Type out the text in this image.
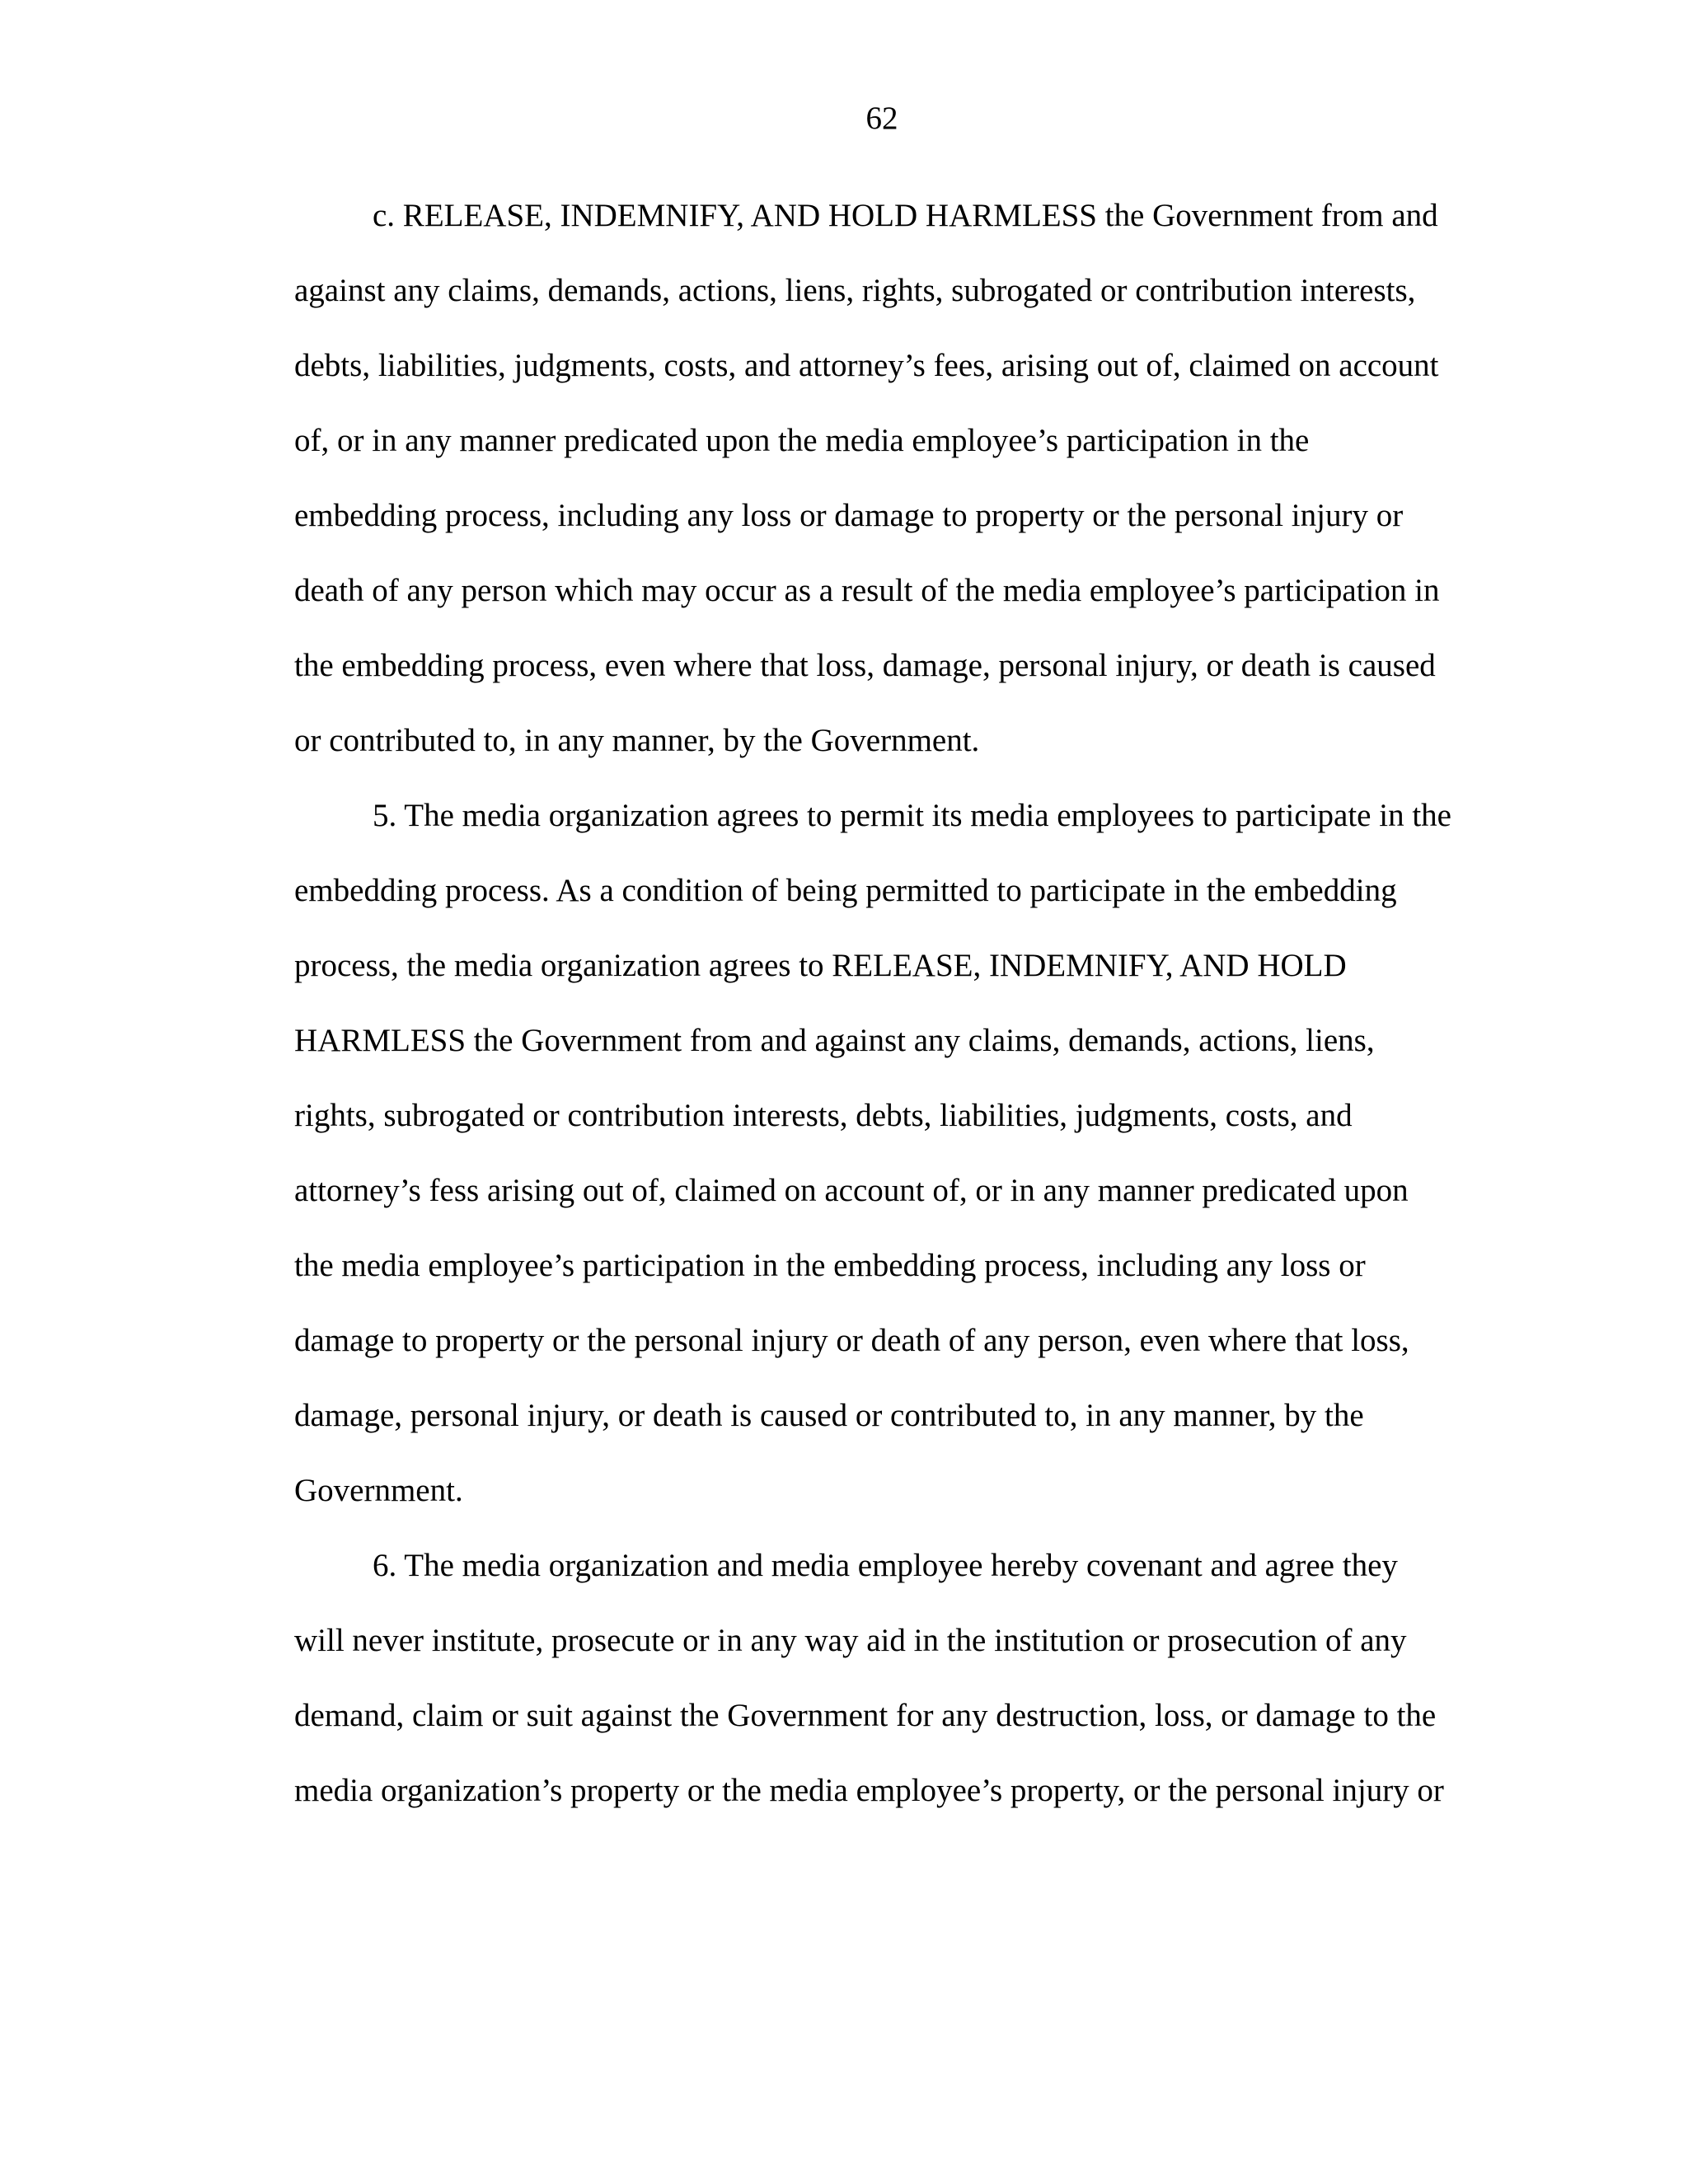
62
c. RELEASE, INDEMNIFY, AND HOLD HARMLESS the Government from and
against any claims, demands, actions, liens, rights, subrogated or contribution interests,
debts, liabilities, judgments, costs, and attorney’s fees, arising out of, claimed on account
of, or in any manner predicated upon the media employee’s participation in the
embedding process, including any loss or damage to property or the personal injury or
death of any person which may occur as a result of the media employee’s participation in
the embedding process, even where that loss, damage, personal injury, or death is caused
or contributed to, in any manner, by the Government.
5. The media organization agrees to permit its media employees to participate in the
embedding process. As a condition of being permitted to participate in the embedding
process, the media organization agrees to RELEASE, INDEMNIFY, AND HOLD
HARMLESS the Government from and against any claims, demands, actions, liens,
rights, subrogated or contribution interests, debts, liabilities, judgments, costs, and
attorney’s fess arising out of, claimed on account of, or in any manner predicated upon
the media employee’s participation in the embedding process, including any loss or
damage to property or the personal injury or death of any person, even where that loss,
damage, personal injury, or death is caused or contributed to, in any manner, by the
Government.
6. The media organization and media employee hereby covenant and agree they
will never institute, prosecute or in any way aid in the institution or prosecution of any
demand, claim or suit against the Government for any destruction, loss, or damage to the
media organization’s property or the media employee’s property, or the personal injury or
